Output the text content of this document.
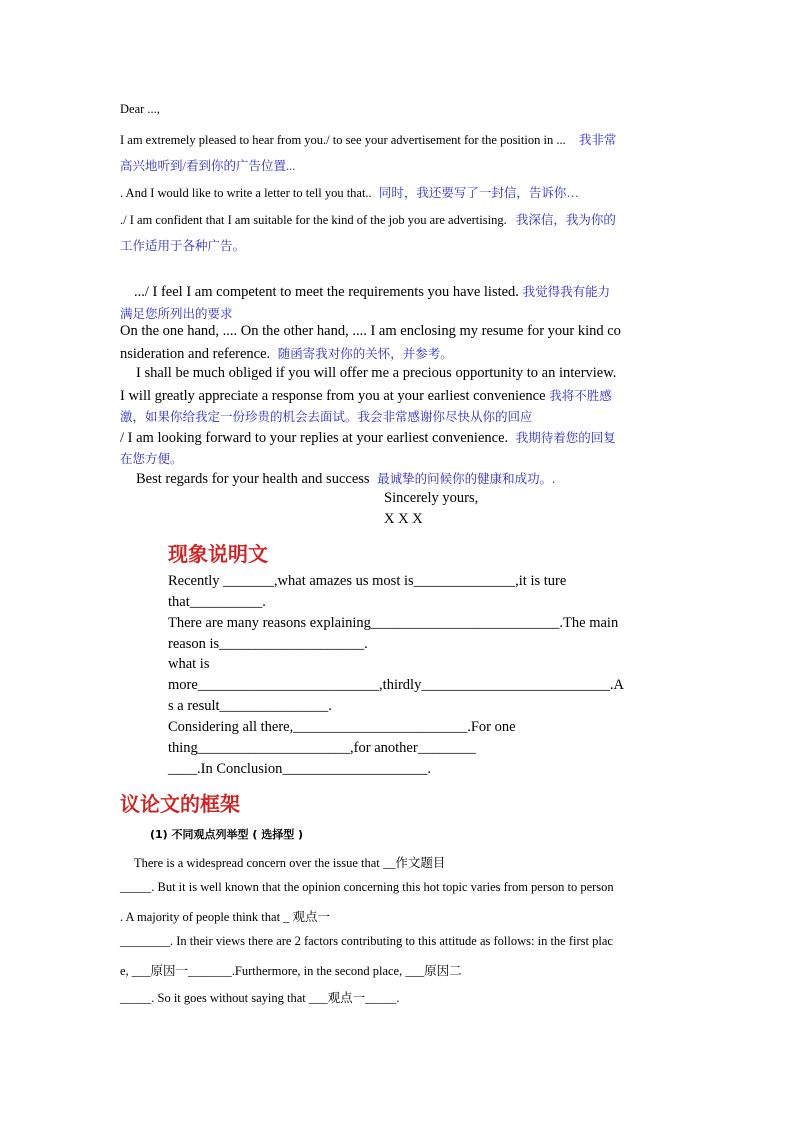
Dear ...,
I am extremely pleased to hear from you./ to see your advertisement for the position in ... 我非常
高兴地听到/看到你的广告位置...
. And I would like to write a letter to tell you that.. 同时，我还要写了一封信，告诉你…
./ I am confident that I am suitable for the kind of the job you are advertising. 我深信，我为你的
工作适用于各种广告。
.../ I feel I am competent to meet the requirements you have listed. 我觉得我有能力
满足您所列出的要求
On the one hand, .... On the other hand, .... I am enclosing my resume for your kind co
nsideration and reference. 随函寄我对你的关怀，并参考。
I shall be much obliged if you will offer me a precious opportunity to an interview.
I will greatly appreciate a response from you at your earliest convenience 我将不胜感
激，如果你给我定一份珍贵的机会去面试。我会非常感谢你尽快从你的回应
/ I am looking forward to your replies at your earliest convenience. 我期待着您的回复
在您方便。
Best regards for your health and success 最诚挚的问候你的健康和成功。.
Sincerely yours,
X X X
现象说明文
Recently _______,what amazes us most is______________,it is ture
that__________.
There are many reasons explaining__________________________.The main
reason is____________________.
what is
more_________________________,thirdly__________________________.A
s a result_______________.
Considering all there,________________________.For one
thing_____________________,for another________
____.In Conclusion____________________.
议论文的框架
(1) 不同观点列举型 ( 选择型 )
There is a widespread concern over the issue that __作文题目
_____. But it is well known that the opinion concerning this hot topic varies from person to person
. A majority of people think that _ 观点一
________. In their views there are 2 factors contributing to this attitude as follows: in the first plac
e, ___原因一_______.Furthermore, in the second place, ___原因二
_____. So it goes without saying that ___观点一_____.
